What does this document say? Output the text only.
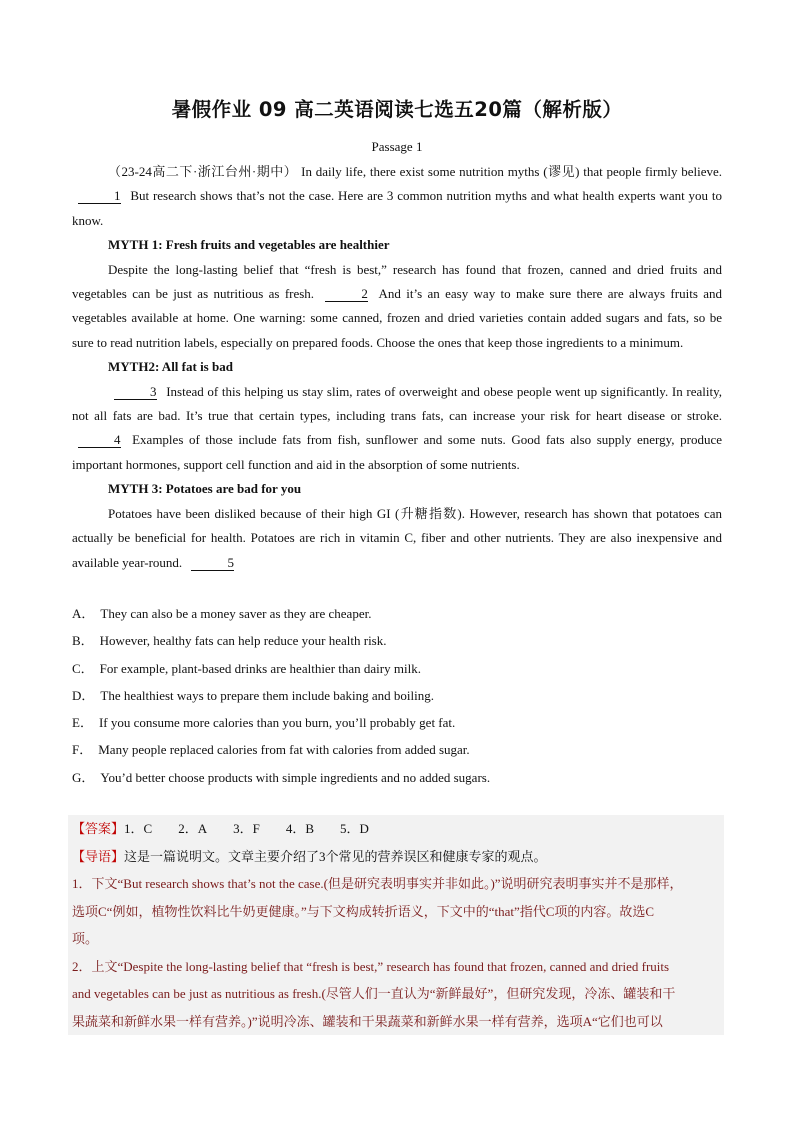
暑假作业 09 高二英语阅读七选五20篇（解析版）
Passage 1

（23-24高二下·浙江台州·期中） In daily life, there exist some nutrition myths (谬见) that people firmly believe. 1 But research shows that’s not the case. Here are 3 common nutrition myths and what health experts want you to know.

MYTH 1: Fresh fruits and vegetables are healthier

Despite the long-lasting belief that “fresh is best,” research has found that frozen, canned and dried fruits and vegetables can be just as nutritious as fresh.	2 And it’s an easy way to make sure there are always fruits and vegetables available at home. One warning: some canned, frozen and dried varieties contain added sugars and fats, so be sure to read nutrition labels, especially on prepared foods. Choose the ones that keep those ingredients to a minimum.

MYTH2: All fat is bad

3 Instead of this helping us stay slim, rates of overweight and obese people went up significantly. In reality, not all fats are bad. It’s true that certain types, including trans fats, can increase your risk for heart disease or stroke. 4 Examples of those include fats from fish, sunflower and some nuts. Good fats also supply energy, produce important hormones, support cell function and aid in the absorption of some nutrients.

MYTH 3: Potatoes are bad for you

Potatoes have been disliked because of their high GI (升糖指数). However, research has shown that potatoes can actually be beneficial for health. Potatoes are rich in vitamin C, fiber and other nutrients. They are also inexpensive and available year-round.	5

A． They can also be a money saver as they are cheaper.

B． However, healthy fats can help reduce your health risk.

C． For example, plant-based drinks are healthier than dairy milk.

D． The healthiest ways to prepare them include baking and boiling.

E． If you consume more calories than you burn, you’ll probably get fat.

F． Many people replaced calories from fat with calories from added sugar.

G． You’d better choose products with simple ingredients and no added sugars.

【答案】1．C 2．A 3．F 4．B 5．D

【导语】这是一篇说明文。文章主要介绍了3个常见的营养误区和健康专家的观点。

1．下文“But research shows that’s not the case.(但是研究表明事实并非如此。)”说明研究表明事实并不是那样，

选项C“例如，植物性饮料比牛奶更健康。”与下文构成转折语义，下文中的“that”指代C项的内容。故选C

项。

2．上文“Despite the long-lasting belief that “fresh is best,” research has found that frozen, canned and dried fruits

and vegetables can be just as nutritious as fresh.(尽管人们一直认为“新鲜最好”，但研究发现，冷冻、罐装和干

果蔬菜和新鲜水果一样有营养。)”说明冷冻、罐装和干果蔬菜和新鲜水果一样有营养，选项A“它们也可以
